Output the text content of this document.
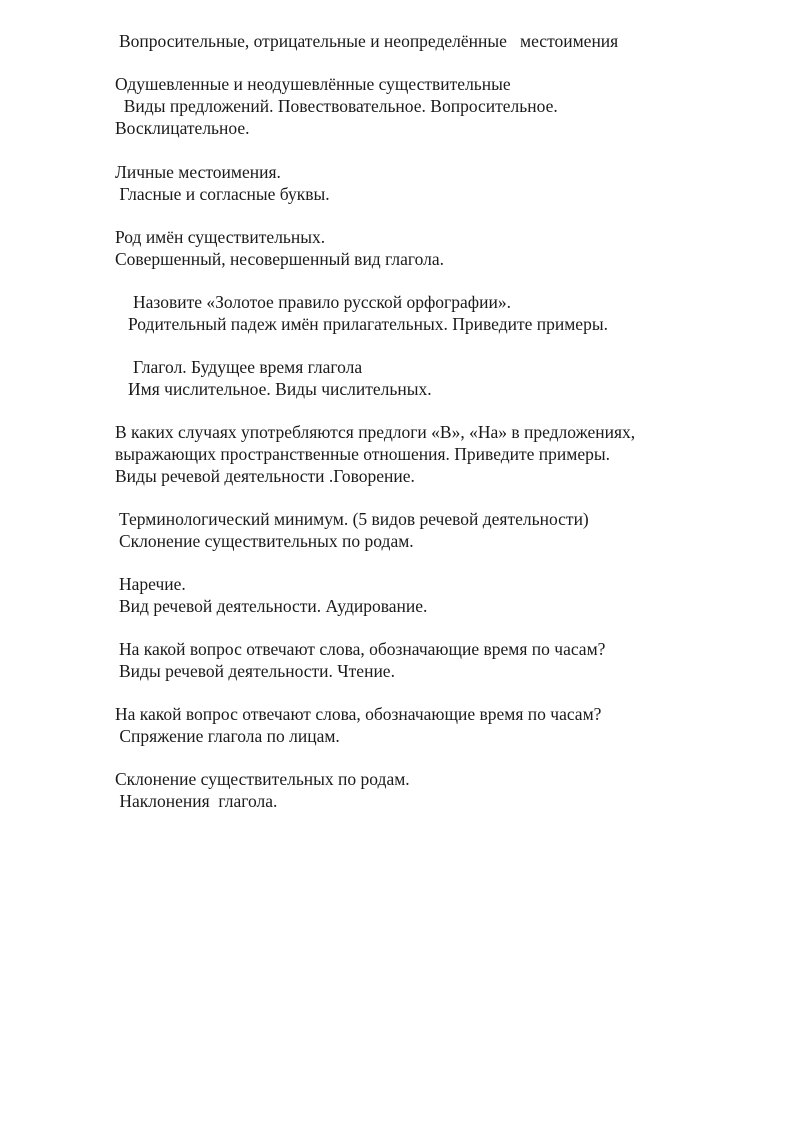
Вопросительные, отрицательные и неопределённые   местоимения
Одушевленные и неодушевлённые существительные
Виды предложений. Повествовательное. Вопросительное.
Восклицательное.
Личные местоимения.
Гласные и согласные буквы.
Род имён существительных.
Совершенный, несовершенный вид глагола.
Назовите «Золотое правило русской орфографии».
Родительный падеж имён прилагательных. Приведите примеры.
Глагол. Будущее время глагола
Имя числительное. Виды числительных.
В каких случаях употребляются предлоги «В», «На» в предложениях,
выражающих пространственные отношения. Приведите примеры.
Виды речевой деятельности .Говорение.
Терминологический минимум. (5 видов речевой деятельности)
Склонение существительных по родам.
Наречие.
Вид речевой деятельности. Аудирование.
На какой вопрос отвечают слова, обозначающие время по часам?
Виды речевой деятельности. Чтение.
На какой вопрос отвечают слова, обозначающие время по часам?
Спряжение глагола по лицам.
Склонение существительных по родам.
Наклонения  глагола.
